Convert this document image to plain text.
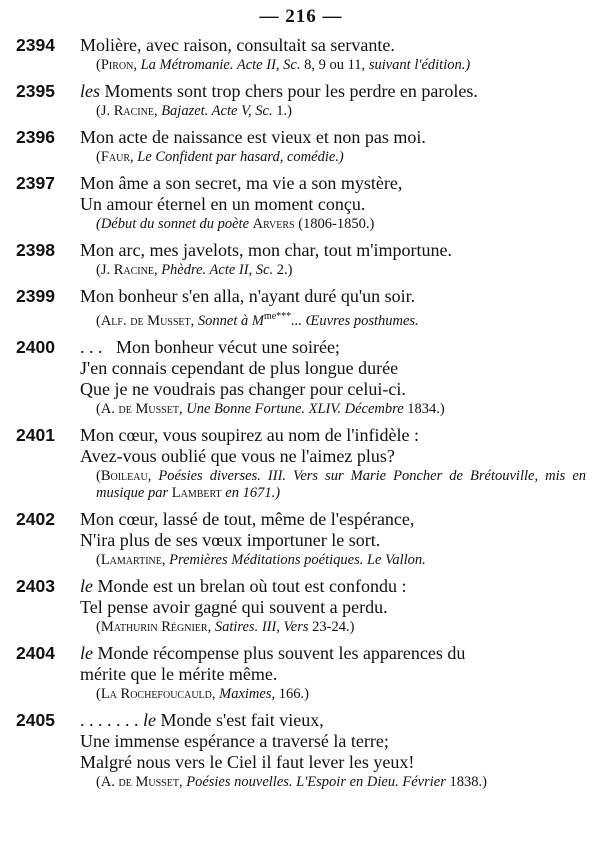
— 216 —
2394 Molière, avec raison, consultait sa servante.
(Piron, La Métromanie. Acte II, Sc. 8, 9 ou 11, suivant l'édition.)
2395 les Moments sont trop chers pour les perdre en paroles.
(J. Racine, Bajazet. Acte V, Sc. 1.)
2396 Mon acte de naissance est vieux et non pas moi.
(Faur, Le Confident par hasard, comédie.)
2397 Mon âme a son secret, ma vie a son mystère,
Un amour éternel en un moment conçu.
(Début du sonnet du poète Arvers (1806-1850.)
2398 Mon arc, mes javelots, mon char, tout m'importune.
(J. Racine, Phèdre. Acte II, Sc. 2.)
2399 Mon bonheur s'en alla, n'ayant duré qu'un soir.
(Alf. de Musset, Sonnet à $M^{me***}$... Œuvres posthumes.
2400 . . .   Mon bonheur vécut une soirée;
J'en connais cependant de plus longue durée
Que je ne voudrais pas changer pour celui-ci.
(A. de Musset, Une Bonne Fortune. XLIV. Décembre 1834.)
2401 Mon cœur, vous soupirez au nom de l'infidèle :
Avez-vous oublié que vous ne l'aimez plus?
(Boileau, Poésies diverses. III. Vers sur Marie Poncher de Brétouville, mis en musique par Lambert en 1671.)
2402 Mon cœur, lassé de tout, même de l'espérance,
N'ira plus de ses vœux importuner le sort.
(Lamartine, Premières Méditations poétiques. Le Vallon.
2403 le Monde est un brelan où tout est confondu :
Tel pense avoir gagné qui souvent a perdu.
(Mathurin Régnier, Satires. III, Vers 23-24.)
2404 le Monde récompense plus souvent les apparences du
mérite que le mérite même.
(La Rochefoucauld, Maximes, 166.)
2405 . . . . . . . le Monde s'est fait vieux,
Une immense espérance a traversé la terre;
Malgré nous vers le Ciel il faut lever les yeux!
(A. de Musset, Poésies nouvelles. L'Espoir en Dieu. Février 1838.)
